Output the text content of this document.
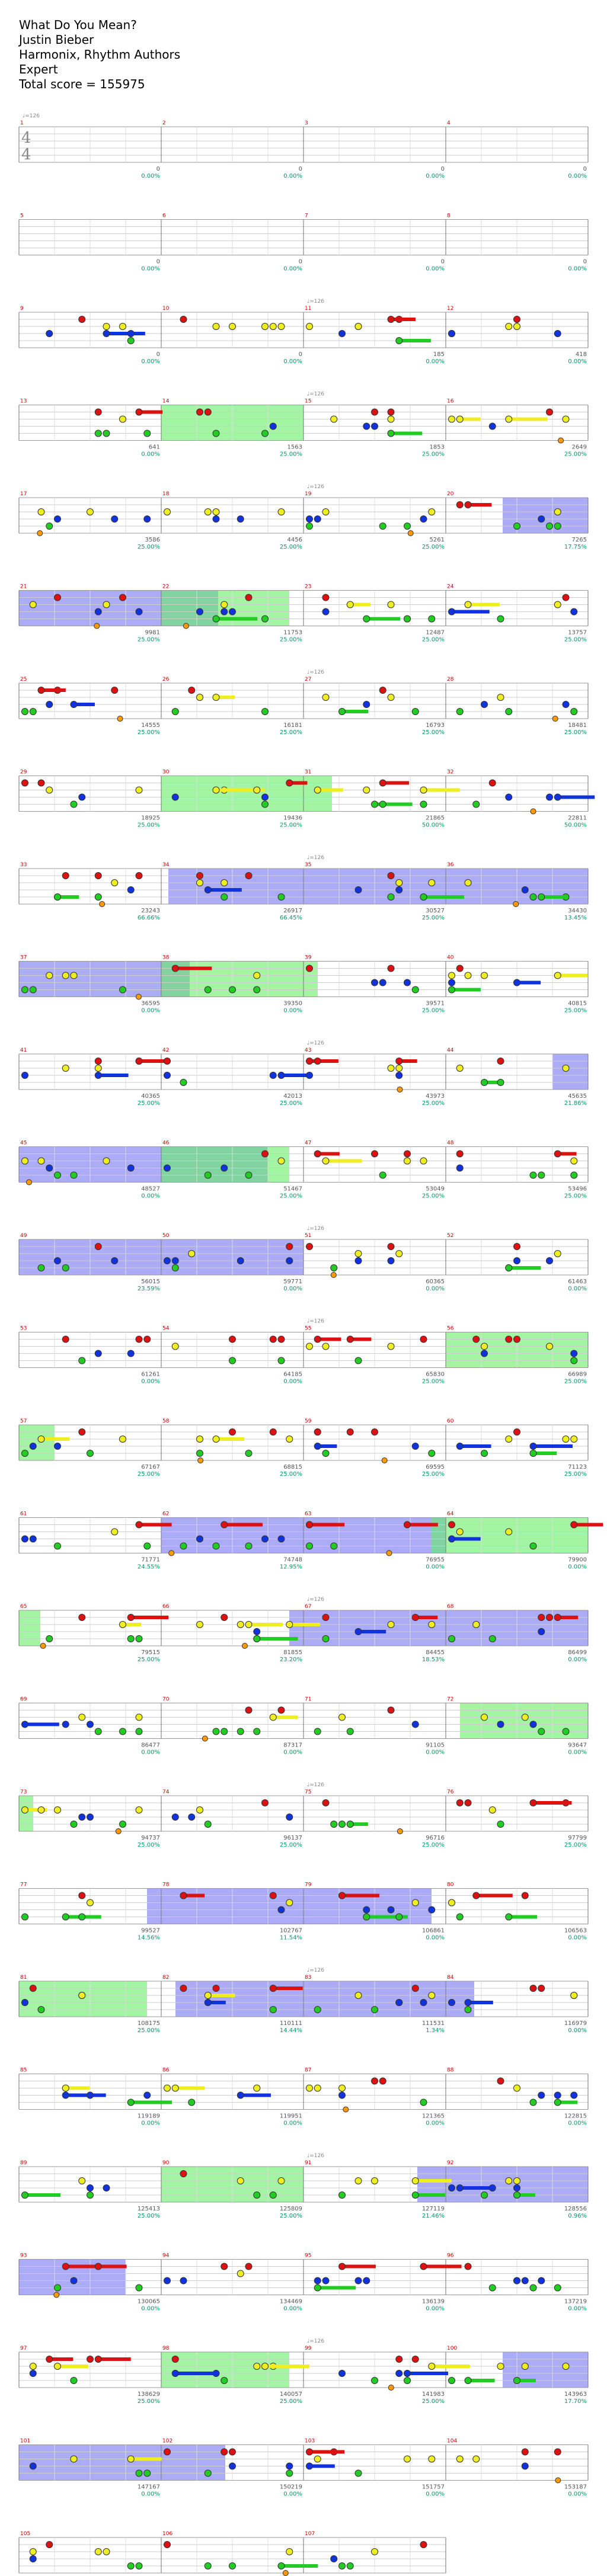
What Do You Mean?
Justin Bieber
Harmonix, Rhythm Authors
Expert
Total score = 155975
4
4
1
♩=126
0
0.00%
2
0
0.00%
3
0
0.00%
4
0
0.00%
5
0
0.00%
6
0
0.00%
7
0
0.00%
8
0
0.00%
9
0
0.00%
10
0
0.00%
11
♩=126
185
0.00%
12
418
0.00%
13
641
0.00%
14
1563
25.00%
15
♩=126
1853
25.00%
16
2649
25.00%
17
3586
25.00%
18
4456
25.00%
19
♩=126
5261
25.00%
20
7265
17.75%
21
9981
25.00%
22
11753
25.00%
23
12487
25.00%
24
13757
25.00%
25
14555
25.00%
26
16181
25.00%
27
♩=126
16793
25.00%
28
18481
25.00%
29
18925
25.00%
30
19436
25.00%
31
21865
50.00%
32
22811
50.00%
33
23243
66.66%
34
26917
66.45%
35
♩=126
30527
25.00%
36
34430
13.45%
37
36595
0.00%
38
39350
0.00%
39
39571
25.00%
40
40815
25.00%
41
40365
25.00%
42
42013
25.00%
43
♩=126
43973
25.00%
44
45635
21.86%
45
48527
0.00%
46
51467
25.00%
47
53049
25.00%
48
53496
25.00%
49
56015
23.59%
50
59771
0.00%
51
♩=126
60365
0.00%
52
61463
0.00%
53
61261
0.00%
54
64185
0.00%
55
♩=126
65830
25.00%
56
66989
25.00%
57
67167
25.00%
58
68815
25.00%
59
69595
25.00%
60
71123
25.00%
61
71771
24.55%
62
74748
12.95%
63
76955
0.00%
64
79900
0.00%
65
79515
25.00%
66
81855
23.20%
67
♩=126
84455
18.53%
68
86499
0.00%
69
86477
0.00%
70
87317
0.00%
71
91105
0.00%
72
93647
0.00%
73
94737
25.00%
74
96137
25.00%
75
♩=126
96716
25.00%
76
97799
25.00%
77
99527
14.56%
78
102767
11.54%
79
106861
0.00%
80
106563
0.00%
81
108175
25.00%
82
110111
14.44%
83
♩=126
111531
1.34%
84
116979
0.00%
85
119189
0.00%
86
119951
0.00%
87
121365
0.00%
88
122815
0.00%
89
125413
25.00%
90
125809
25.00%
91
♩=126
127119
21.46%
92
128556
0.96%
93
130065
0.00%
94
134469
0.00%
95
136139
0.00%
96
137219
0.00%
97
138629
25.00%
98
140057
25.00%
99
♩=126
141983
25.00%
100
143963
17.70%
101
147167
0.00%
102
150219
0.00%
103
151757
0.00%
104
153187
0.00%
105	106	107
